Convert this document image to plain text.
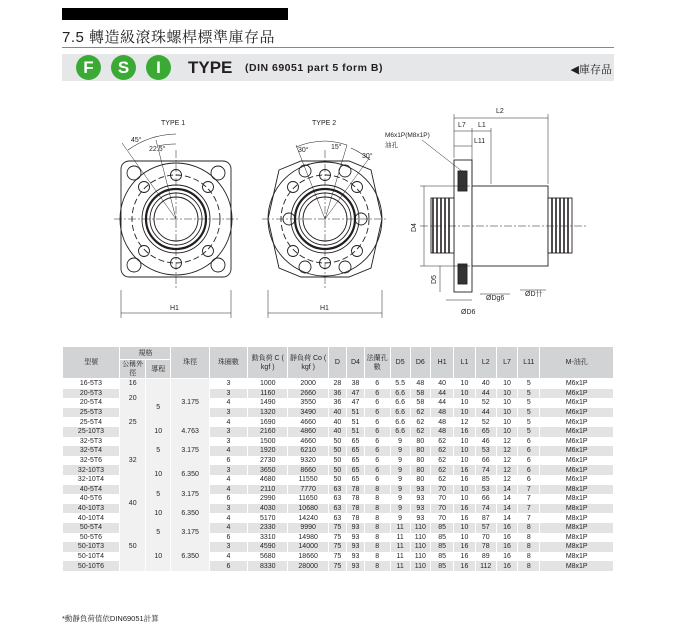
7.5 轉造級滾珠螺桿標準庫存品
F	S	I	TYPE (DIN 69051 part 5 form B)	◀庫存品
TYPE 1
45°
22.5°
H1
TYPE 2
30°	15°
30°
H1
L2
L7 L1
L11
M6x1P(M8x1P)
油孔
D4
D5
ØDg6
ØD卄
ØD6
型號	規格		珠徑	珠圈數	動負荷 C ( kgf )	靜負荷 Co ( kgf )	D	D4	法蘭孔數	D5	D6	H1	L1	L2	L7	L11	M-油孔
	公稱外徑	導程															
16-5T3	16		3.175	3	1000	2000	28	38	6	5.5	48	40	10	40	10	5	M6x1P
20-5T3	20	5		3	1160	2660	36	47	6	6.6	58	44	10	44	10	5	M6x1P
20-5T4				4	1490	3550	36	47	6	6.6	58	44	10	52	10	5	M6x1P
25-5T3	25			3	1320	3490	40	51	6	6.6	62	48	10	44	10	5	M6x1P
25-5T4				4	1690	4660	40	51	6	6.6	62	48	12	52	10	5	M6x1P
25-10T3		10	4.763	3	2160	4860	40	51	6	6.6	62	48	16	65	10	5	M6x1P
32-5T3	32	5	3.175	3	1500	4660	50	65	6	9	80	62	10	46	12	6	M6x1P
32-5T4				4	1920	6210	50	65	6	9	80	62	10	53	12	6	M6x1P
32-5T6				6	2730	9320	50	65	6	9	80	62	10	66	12	6	M6x1P
32-10T3		10	6.350	3	3650	8660	50	65	6	9	80	62	16	74	12	6	M6x1P
32-10T4				4	4680	11550	50	65	6	9	80	62	16	85	12	6	M6x1P
40-5T4	40	5	3.175	4	2110	7770	63	78	8	9	93	70	10	53	14	7	M8x1P
40-5T6				6	2990	11650	63	78	8	9	93	70	10	66	14	7	M8x1P
40-10T3		10	6.350	3	4030	10680	63	78	8	9	93	70	16	74	14	7	M8x1P
40-10T4				4	5170	14240	63	78	8	9	93	70	16	87	14	7	M8x1P
50-5T4	50	5	3.175	4	2330	9990	75	93	8	11	110	85	10	57	16	8	M8x1P
50-5T6				6	3310	14980	75	93	8	11	110	85	10	70	16	8	M8x1P
50-10T3		10	6.350	3	4590	14000	75	93	8	11	110	85	16	78	16	8	M8x1P
50-10T4				4	5680	18660	75	93	8	11	110	85	16	89	16	8	M8x1P
50-10T6				6	8330	28000	75	93	8	11	110	85	16	112	16	8	M8x1P
*動靜負荷值依DIN69051計算
